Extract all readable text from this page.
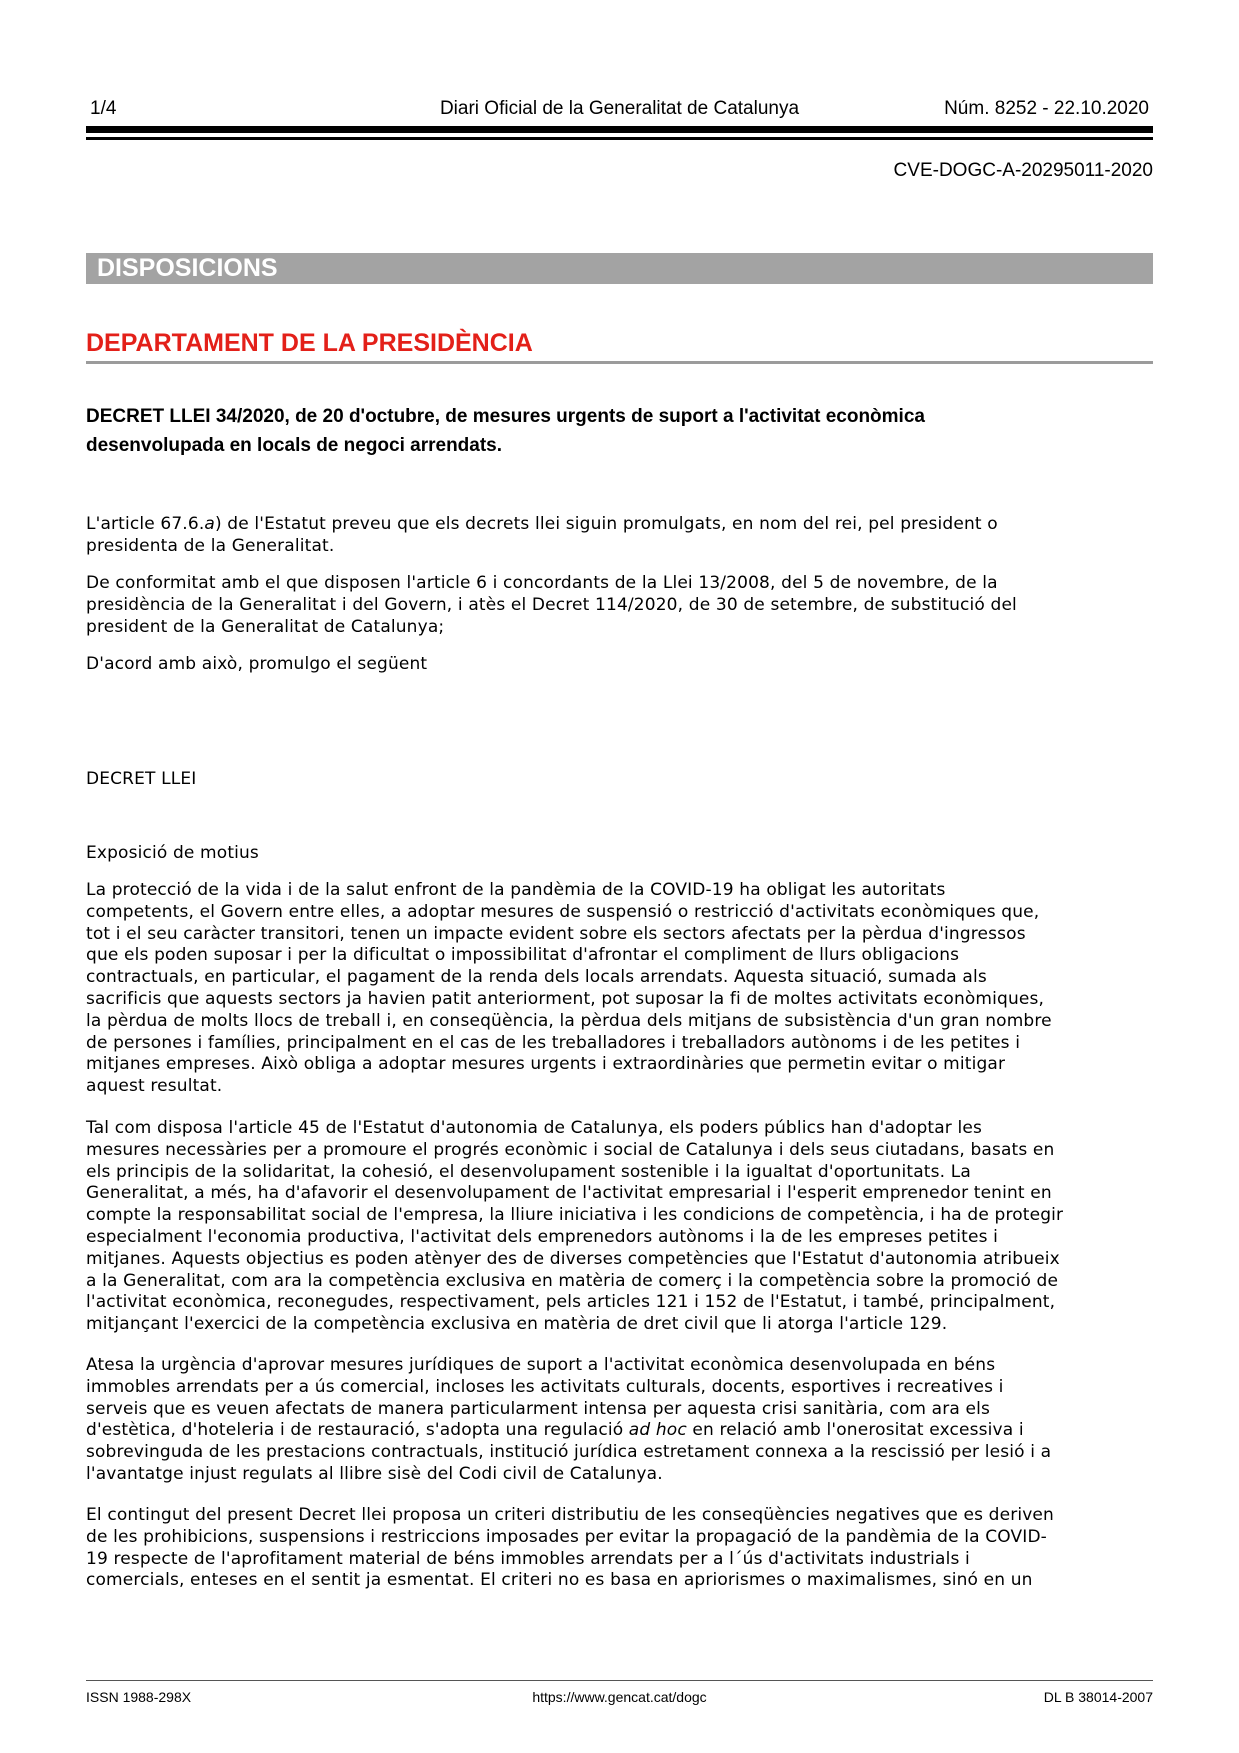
1/4	Diari Oficial de la Generalitat de Catalunya	Núm. 8252 - 22.10.2020
CVE-DOGC-A-20295011-2020
DISPOSICIONS
DEPARTAMENT DE LA PRESIDÈNCIA
DECRET LLEI 34/2020, de 20 d'octubre, de mesures urgents de suport a l'activitat econòmica
desenvolupada en locals de negoci arrendats.
L'article 67.6.a) de l'Estatut preveu que els decrets llei siguin promulgats, en nom del rei, pel president o
presidenta de la Generalitat.
De conformitat amb el que disposen l'article 6 i concordants de la Llei 13/2008, del 5 de novembre, de la
presidència de la Generalitat i del Govern, i atès el Decret 114/2020, de 30 de setembre, de substitució del
president de la Generalitat de Catalunya;
D'acord amb això, promulgo el següent
DECRET LLEI
Exposició de motius
La protecció de la vida i de la salut enfront de la pandèmia de la COVID-19 ha obligat les autoritats
competents, el Govern entre elles, a adoptar mesures de suspensió o restricció d'activitats econòmiques que,
tot i el seu caràcter transitori, tenen un impacte evident sobre els sectors afectats per la pèrdua d'ingressos
que els poden suposar i per la dificultat o impossibilitat d'afrontar el compliment de llurs obligacions
contractuals, en particular, el pagament de la renda dels locals arrendats. Aquesta situació, sumada als
sacrificis que aquests sectors ja havien patit anteriorment, pot suposar la fi de moltes activitats econòmiques,
la pèrdua de molts llocs de treball i, en conseqüència, la pèrdua dels mitjans de subsistència d'un gran nombre
de persones i famílies, principalment en el cas de les treballadores i treballadors autònoms i de les petites i
mitjanes empreses. Això obliga a adoptar mesures urgents i extraordinàries que permetin evitar o mitigar
aquest resultat.
Tal com disposa l'article 45 de l'Estatut d'autonomia de Catalunya, els poders públics han d'adoptar les
mesures necessàries per a promoure el progrés econòmic i social de Catalunya i dels seus ciutadans, basats en
els principis de la solidaritat, la cohesió, el desenvolupament sostenible i la igualtat d'oportunitats. La
Generalitat, a més, ha d'afavorir el desenvolupament de l'activitat empresarial i l'esperit emprenedor tenint en
compte la responsabilitat social de l'empresa, la lliure iniciativa i les condicions de competència, i ha de protegir
especialment l'economia productiva, l'activitat dels emprenedors autònoms i la de les empreses petites i
mitjanes. Aquests objectius es poden atènyer des de diverses competències que l'Estatut d'autonomia atribueix
a la Generalitat, com ara la competència exclusiva en matèria de comerç i la competència sobre la promoció de
l'activitat econòmica, reconegudes, respectivament, pels articles 121 i 152 de l'Estatut, i també, principalment,
mitjançant l'exercici de la competència exclusiva en matèria de dret civil que li atorga l'article 129.
Atesa la urgència d'aprovar mesures jurídiques de suport a l'activitat econòmica desenvolupada en béns
immobles arrendats per a ús comercial, incloses les activitats culturals, docents, esportives i recreatives i
serveis que es veuen afectats de manera particularment intensa per aquesta crisi sanitària, com ara els
d'estètica, d'hoteleria i de restauració, s'adopta una regulació ad hoc en relació amb l'onerositat excessiva i
sobrevinguda de les prestacions contractuals, institució jurídica estretament connexa a la rescissió per lesió i a
l'avantatge injust regulats al llibre sisè del Codi civil de Catalunya.
El contingut del present Decret llei proposa un criteri distributiu de les conseqüències negatives que es deriven
de les prohibicions, suspensions i restriccions imposades per evitar la propagació de la pandèmia de la COVID-
19 respecte de l'aprofitament material de béns immobles arrendats per a l´ús d'activitats industrials i
comercials, enteses en el sentit ja esmentat. El criteri no es basa en apriorismes o maximalismes, sinó en un
ISSN 1988-298X	https://www.gencat.cat/dogc	DL B 38014-2007
